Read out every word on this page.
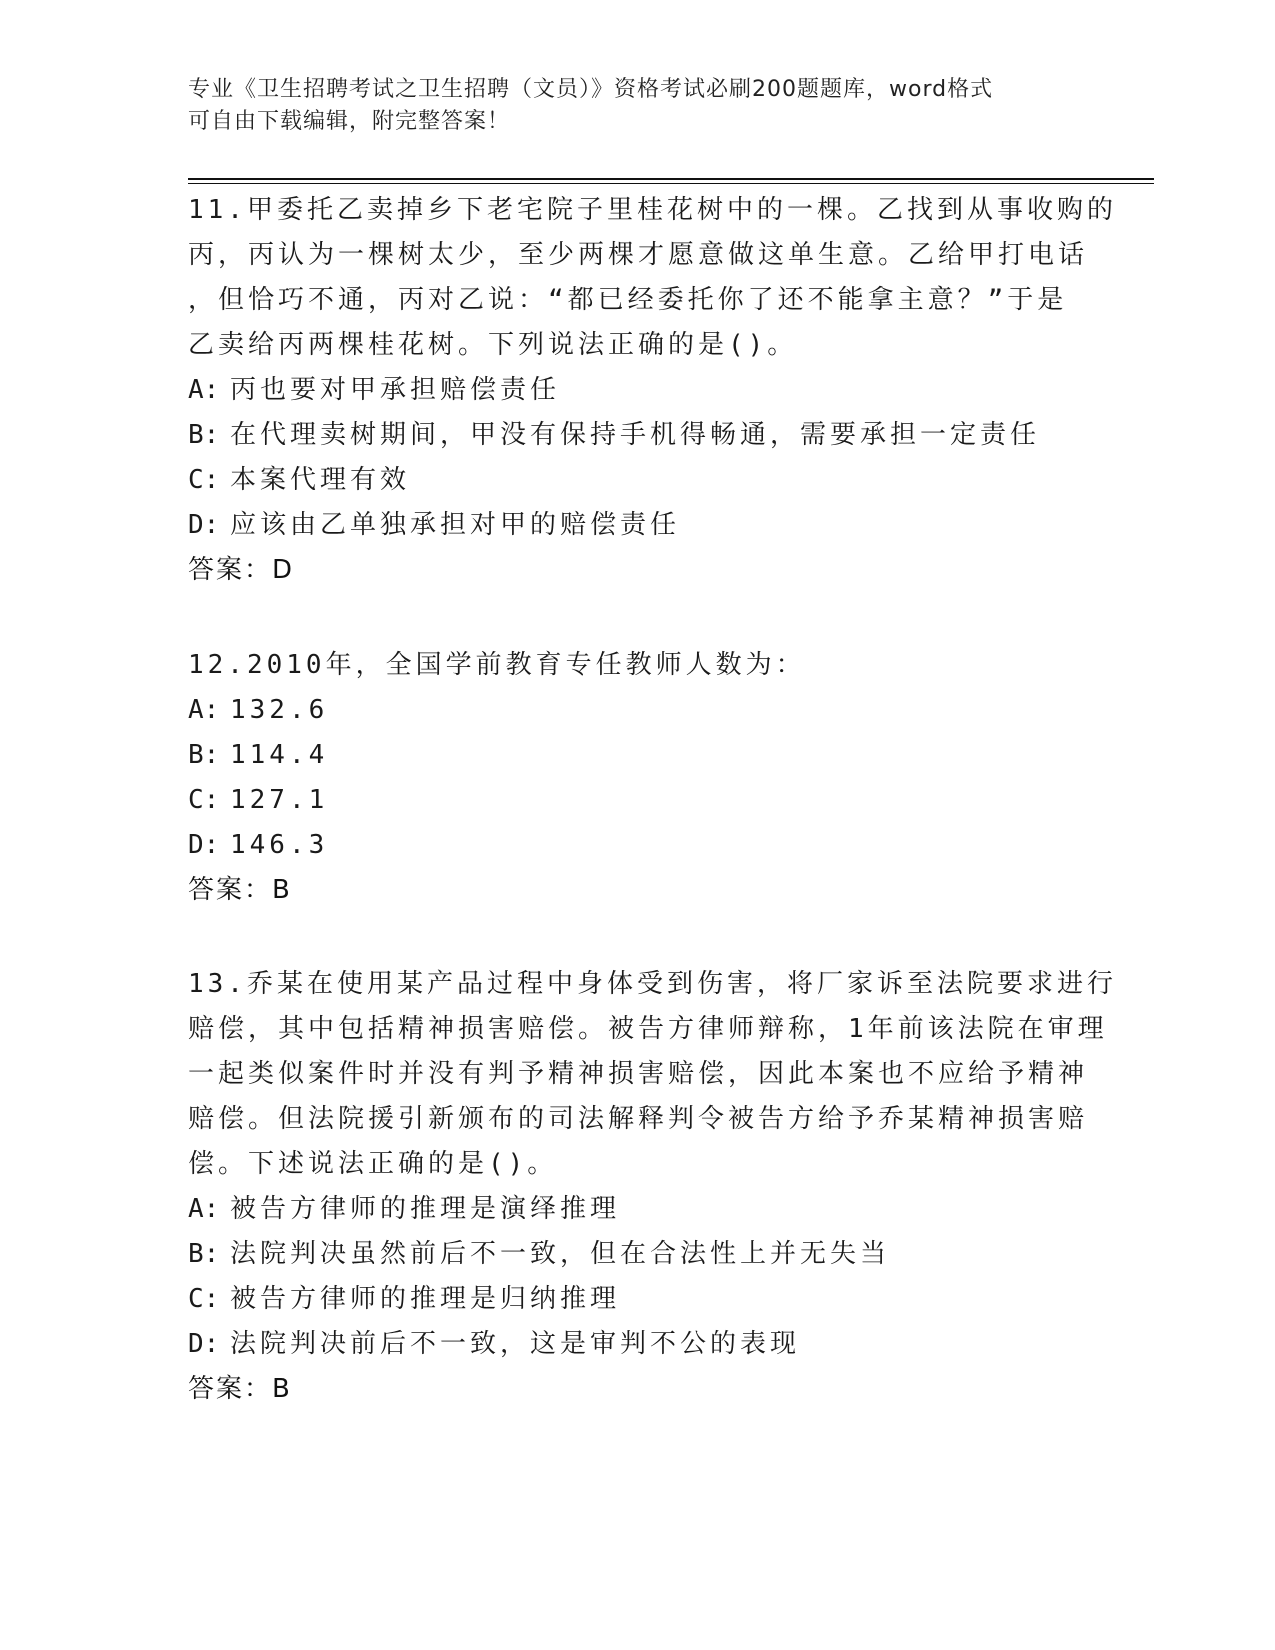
专业《卫生招聘考试之卫生招聘（文员）》资格考试必刷200题题库，word格式
可自由下载编辑，附完整答案！
11.甲委托乙卖掉乡下老宅院子里桂花树中的一棵。乙找到从事收购的
丙，丙认为一棵树太少，至少两棵才愿意做这单生意。乙给甲打电话
，但恰巧不通，丙对乙说：“都已经委托你了还不能拿主意？”于是
乙卖给丙两棵桂花树。下列说法正确的是()。
A: 丙也要对甲承担赔偿责任
B: 在代理卖树期间，甲没有保持手机得畅通，需要承担一定责任
C: 本案代理有效
D: 应该由乙单独承担对甲的赔偿责任
答案：D
12.2010年，全国学前教育专任教师人数为：
A: 132.6
B: 114.4
C: 127.1
D: 146.3
答案：B
13.乔某在使用某产品过程中身体受到伤害，将厂家诉至法院要求进行
赔偿，其中包括精神损害赔偿。被告方律师辩称，1年前该法院在审理
一起类似案件时并没有判予精神损害赔偿，因此本案也不应给予精神
赔偿。但法院援引新颁布的司法解释判令被告方给予乔某精神损害赔
偿。下述说法正确的是()。
A: 被告方律师的推理是演绎推理
B: 法院判决虽然前后不一致，但在合法性上并无失当
C: 被告方律师的推理是归纳推理
D: 法院判决前后不一致，这是审判不公的表现
答案：B
